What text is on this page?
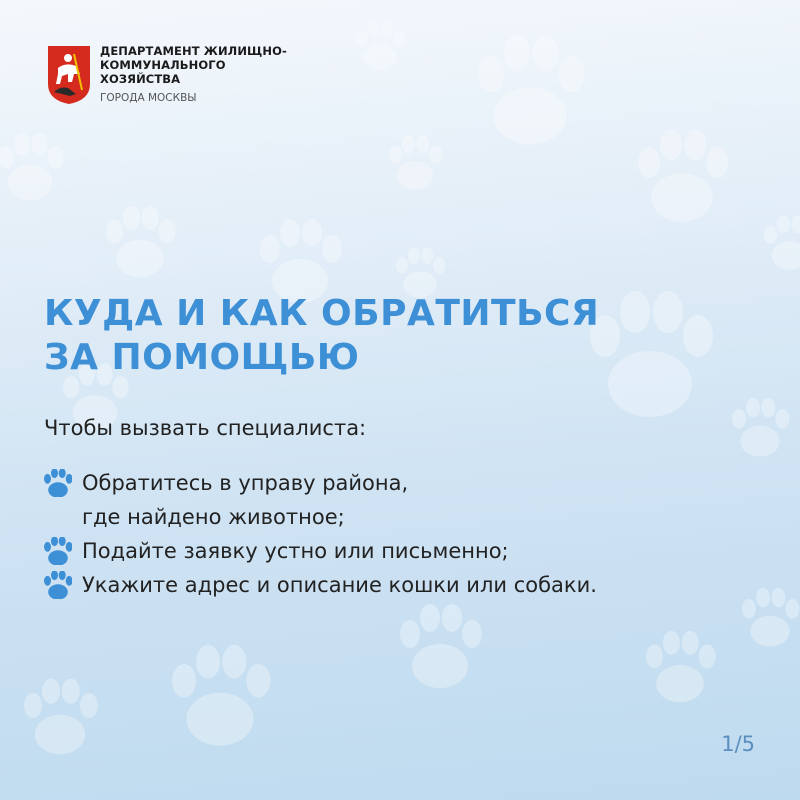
ДЕПАРТАМЕНТ ЖИЛИЩНО-
КОММУНАЛЬНОГО
ХОЗЯЙСТВА
ГОРОДА МОСКВЫ
КУДА И КАК ОБРАТИТЬСЯ
ЗА ПОМОЩЬЮ
Чтобы вызвать специалиста:
Обратитесь в управу района,
где найдено животное;
Подайте заявку устно или письменно;
Укажите адрес и описание кошки или собаки.
1/5
